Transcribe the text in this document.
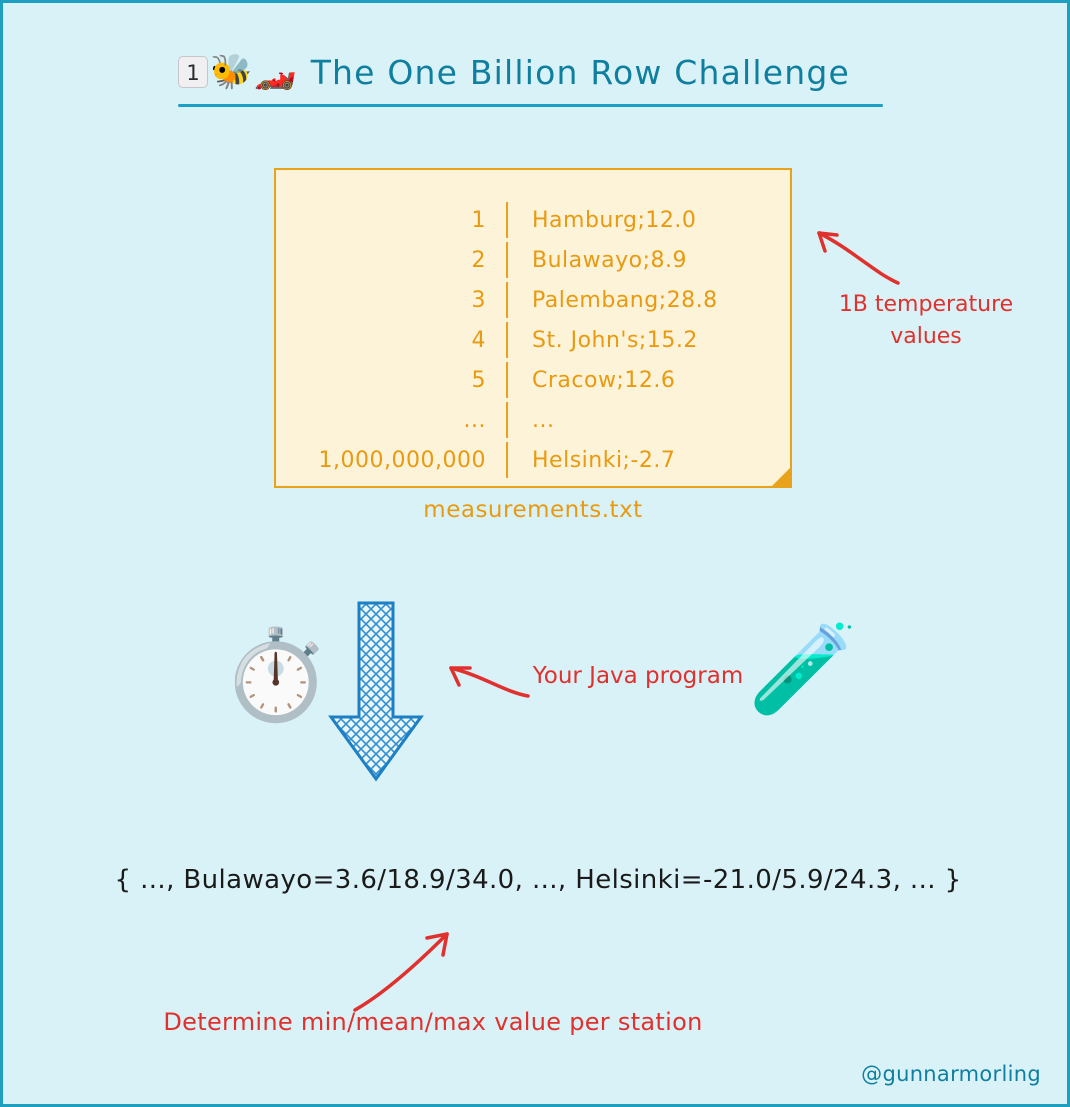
1 🐝 🏎️ The One Billion Row Challenge
1	Hamburg;12.0
2	Bulawayo;8.9
3	Palembang;28.8
4	St. John's;15.2
5	Cracow;12.6
...	...
1,000,000,000	Helsinki;-2.7
measurements.txt
1B temperature values
⏱️	Your Java program 🧪
{ ..., Bulawayo=3.6/18.9/34.0, ..., Helsinki=-21.0/5.9/24.3, ... }
Determine min/mean/max value per station
@gunnarmorling
